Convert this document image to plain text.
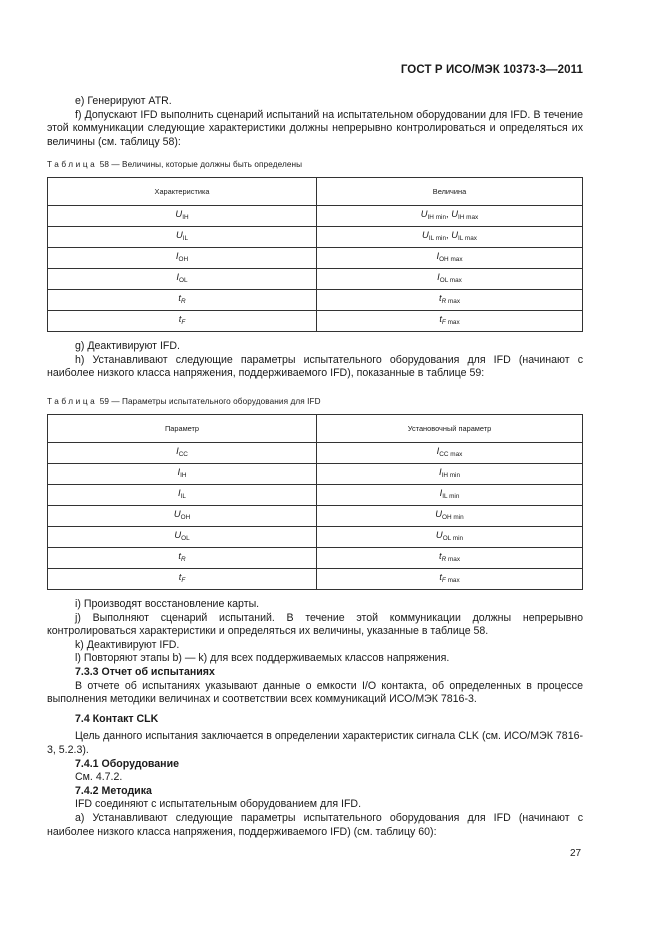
ГОСТ Р ИСО/МЭК 10373-3—2011

e) Генерируют ATR.

f) Допускают IFD выполнить сценарий испытаний на испытательном оборудовании для IFD. В течение этой коммуникации следующие характеристики должны непрерывно контролироваться и определяться их величины (см. таблицу 58):

Таблица 58 — Величины, которые должны быть определены

Характеристика	Величина
$U_{IH}$	$U_{IH min}$, $U_{IH max}$
$U_{IL}$	$U_{IL min}$, $U_{IL max}$
$I_{OH}$	$I_{OH max}$
$I_{OL}$	$I_{OL max}$
$t_R$	$t_R$ $_{max}$
$t_F$	$t_F$ $_{max}$

g) Деактивируют IFD.

h) Устанавливают следующие параметры испытательного оборудования для IFD (начинают с наиболее низкого класса напряжения, поддерживаемого IFD), показанные в таблице 59:

Таблица 59 — Параметры испытательного оборудования для IFD

Параметр	Установочный параметр
$I_{CC}$	$I_{CC max}$
$I_{IH}$	$I_{IH min}$
$I_{IL}$	$I_{IL min}$
$U_{OH}$	$U_{OH min}$
$U_{OL}$	$U_{OL min}$
$t_R$	$t_R$ $_{max}$
$t_F$	$t_F$ $_{max}$

i) Производят восстановление карты.

j) Выполняют сценарий испытаний. В течение этой коммуникации должны непрерывно контролироваться характеристики и определяться их величины, указанные в таблице 58.

k) Деактивируют IFD.

l) Повторяют этапы b) — k) для всех поддерживаемых классов напряжения.

7.3.3 Отчет об испытаниях

В отчете об испытаниях указывают данные о емкости I/O контакта, об определенных в процессе выполнения методики величинах и соответствии всех коммуникаций ИСО/МЭК 7816-3.

7.4 Контакт CLK

Цель данного испытания заключается в определении характеристик сигнала CLK (см. ИСО/МЭК 7816-3, 5.2.3).

7.4.1 Оборудование

См. 4.7.2.

7.4.2 Методика

IFD соединяют с испытательным оборудованием для IFD.

a) Устанавливают следующие параметры испытательного оборудования для IFD (начинают с наиболее низкого класса напряжения, поддерживаемого IFD) (см. таблицу 60):

27
